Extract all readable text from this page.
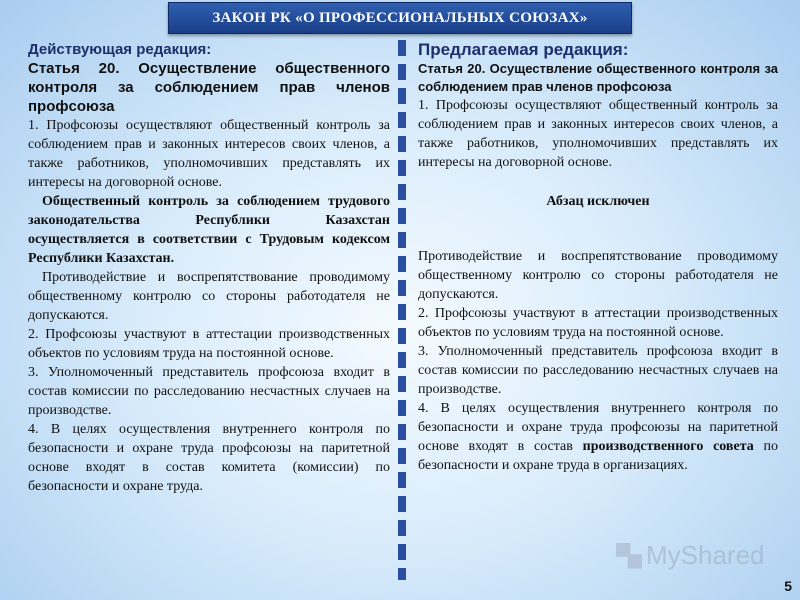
ЗАКОН РК «О ПРОФЕССИОНАЛЬНЫХ СОЮЗАХ»

Действующая редакция:

Статья 20. Осуществление общественного контроля за соблюдением прав членов профсоюза

1. Профсоюзы осуществляют общественный контроль за соблюдением прав и законных интересов своих членов, а также работников, уполномочивших представлять их интересы на договорной основе.

Общественный контроль за соблюдением трудового законодательства Республики Казахстан осуществляется в соответствии с Трудовым кодексом Республики Казахстан.

Противодействие и воспрепятствование проводимому общественному контролю со стороны работодателя не допускаются.

2. Профсоюзы участвуют в аттестации производственных объектов по условиям труда на постоянной основе.

3. Уполномоченный представитель профсоюза входит в состав комиссии по расследованию несчастных случаев на производстве.

4. В целях осуществления внутреннего контроля по безопасности и охране труда профсоюзы на паритетной основе входят в состав комитета (комиссии) по безопасности и охране труда.

Предлагаемая редакция:

Статья 20. Осуществление общественного контроля за соблюдением прав членов профсоюза

1. Профсоюзы осуществляют общественный контроль за соблюдением прав и законных интересов своих членов, а также работников, уполномочивших представлять их интересы на договорной основе.

Абзац исключен

Противодействие и воспрепятствование проводимому общественному контролю со стороны работодателя не допускаются.

2. Профсоюзы участвуют в аттестации производственных объектов по условиям труда на постоянной основе.

3. Уполномоченный представитель профсоюза входит в состав комиссии по расследованию несчастных случаев на производстве.

4. В целях осуществления внутреннего контроля по безопасности и охране труда профсоюзы на паритетной основе входят в состав производственного совета по безопасности и охране труда в организациях.

MyShared
5
